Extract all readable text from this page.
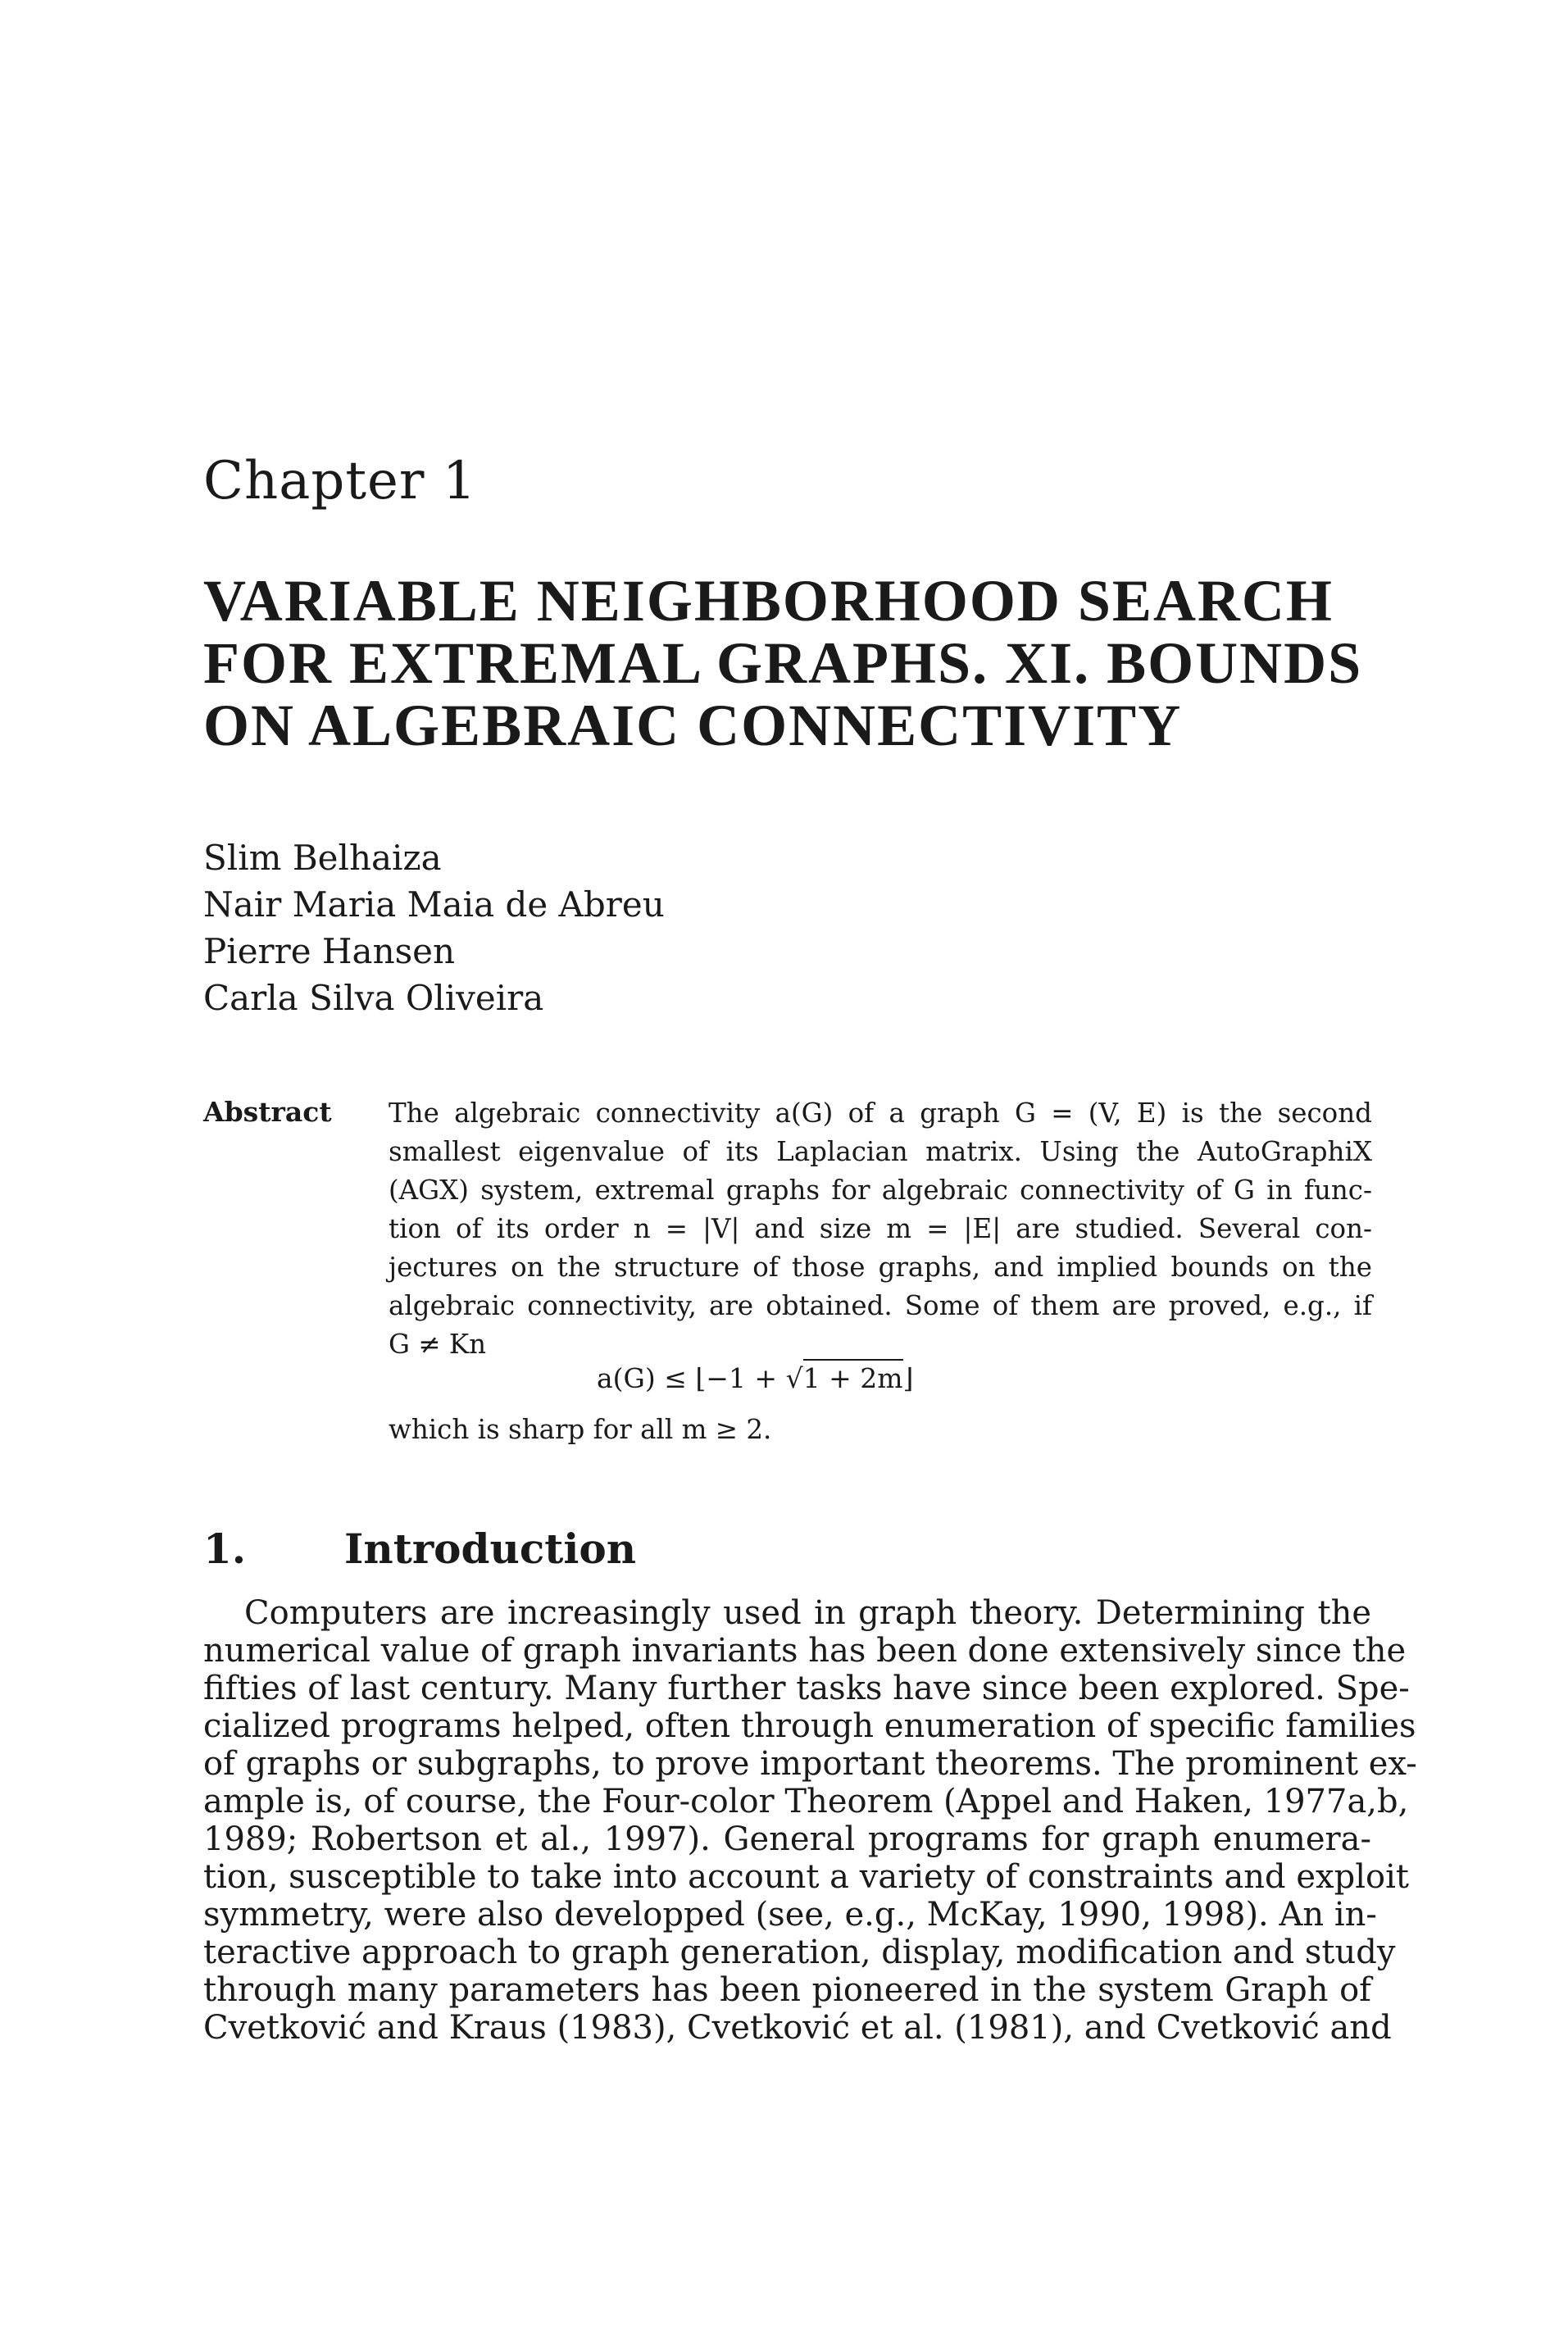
Chapter 1
VARIABLE NEIGHBORHOOD SEARCH
FOR EXTREMAL GRAPHS. XI. BOUNDS
ON ALGEBRAIC CONNECTIVITY
Slim Belhaiza
Nair Maria Maia de Abreu
Pierre Hansen
Carla Silva Oliveira
Abstract The algebraic connectivity a(G) of a graph G = (V, E) is the second
smallest eigenvalue of its Laplacian matrix. Using the AutoGraphiX
(AGX) system, extremal graphs for algebraic connectivity of G in func-
tion of its order n = |V| and size m = |E| are studied. Several con-
jectures on the structure of those graphs, and implied bounds on the
algebraic connectivity, are obtained. Some of them are proved, e.g., if
G ≠ Kn
a(G) ≤ ⌊−1 + √1 + 2m⌋
which is sharp for all m ≥ 2.
1. Introduction
Computers are increasingly used in graph theory. Determining the
numerical value of graph invariants has been done extensively since the
fifties of last century. Many further tasks have since been explored. Spe-
cialized programs helped, often through enumeration of specific families
of graphs or subgraphs, to prove important theorems. The prominent ex-
ample is, of course, the Four-color Theorem (Appel and Haken, 1977a,b,
1989; Robertson et al., 1997). General programs for graph enumera-
tion, susceptible to take into account a variety of constraints and exploit
symmetry, were also developped (see, e.g., McKay, 1990, 1998). An in-
teractive approach to graph generation, display, modification and study
through many parameters has been pioneered in the system Graph of
Cvetković and Kraus (1983), Cvetković et al. (1981), and Cvetković and
